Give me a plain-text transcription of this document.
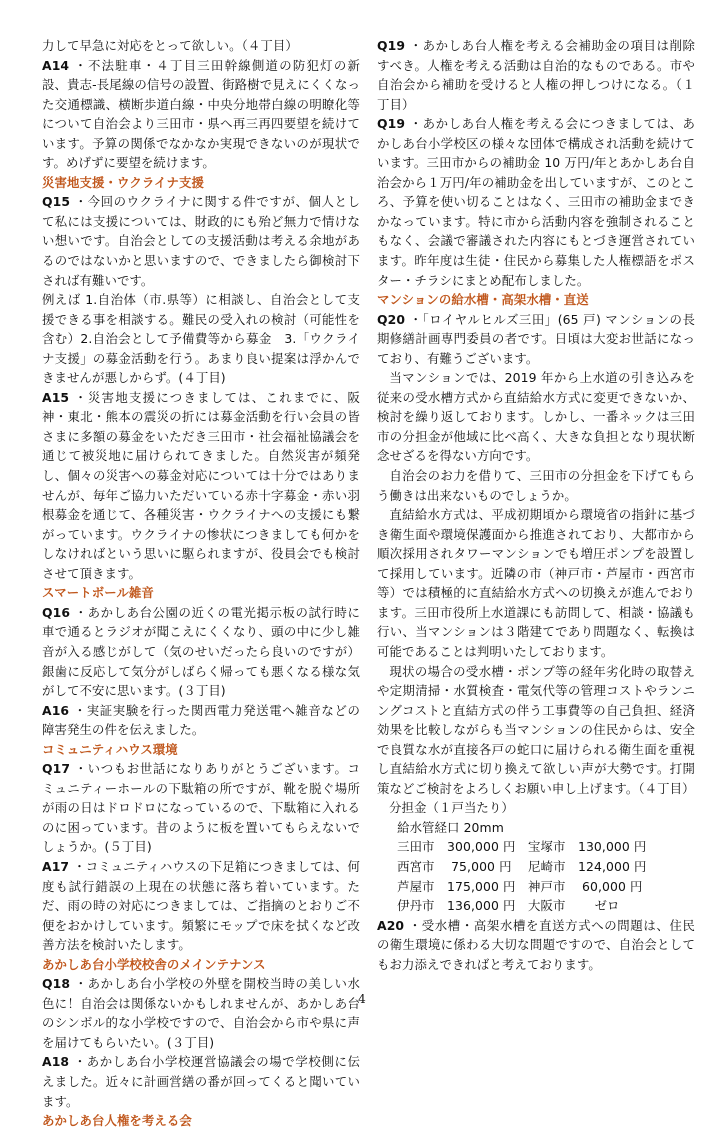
力して早急に対応をとって欲しい。（４丁目）

A14 ・不法駐車・４丁目三田幹線側道の防犯灯の新設、貴志-長尾線の信号の設置、街路樹で見えにくくなった交通標識、横断歩道白線・中央分地帯白線の明瞭化等について自治会より三田市・県へ再三再四要望を続けています。予算の関係でなかなか実現できないのが現状です。めげずに要望を続けます。

災害地支援・ウクライナ支援

Q15 ・今回のウクライナに関する件ですが、個人として私には支援については、財政的にも殆ど無力で情けない想いです。自治会としての支援活動は考える余地があるのではないかと思いますので、できましたら御検討下されば有難いです。

例えば 1.自治体（市.県等）に相談し、自治会として支援できる事を相談する。難民の受入れの検討（可能性を含む）2.自治会として予備費等から募金　3.「ウクライナ支援」の募金活動を行う。あまり良い提案は浮かんできませんが悪しからず。(４丁目)

A15 ・災害地支援につきましては、これまでに、阪神・東北・熊本の震災の折には募金活動を行い会員の皆さまに多額の募金をいただき三田市・社会福祉協議会を通じて被災地に届けられてきました。自然災害が頻発し、個々の災害への募金対応については十分ではありませんが、毎年ご協力いただいている赤十字募金・赤い羽根募金を通じて、各種災害・ウクライナへの支援にも繋がっています。ウクライナの惨状につきましても何かをしなければという思いに駆られますが、役員会でも検討させて頂きます。

スマートボール雑音

Q16 ・あかしあ台公園の近くの電光掲示板の試行時に車で通るとラジオが聞こえにくくなり、頭の中に少し雑音が入る感じがして（気のせいだったら良いのですが）銀歯に反応して気分がしばらく帰っても悪くなる様な気がして不安に思います。(３丁目)

A16 ・実証実験を行った関西電力発送電へ雑音などの障害発生の件を伝えました。

コミュニティハウス環境

Q17 ・いつもお世話になりありがとうございます。コミュニティーホールの下駄箱の所ですが、靴を脱ぐ場所が雨の日はドロドロになっているので、下駄箱に入れるのに困っています。昔のように板を置いてもらえないでしょうか。(５丁目)

A17 ・コミュニティハウスの下足箱につきましては、何度も試行錯誤の上現在の状態に落ち着いています。ただ、雨の時の対応につきましては、ご指摘のとおりご不便をおかけしています。頻繁にモップで床を拭くなど改善方法を検討いたします。

あかしあ台小学校校舎のメインテナンス

Q18 ・あかしあ台小学校の外壁を開校当時の美しい水色に！自治会は関係ないかもしれませんが、あかしあ台のシンボル的な小学校ですので、自治会から市や県に声を届けてもらいたい。(３丁目)

A18 ・あかしあ台小学校運営協議会の場で学校側に伝えました。近々に計画営繕の番が回ってくると聞いています。

あかしあ台人権を考える会

Q19 ・あかしあ台人権を考える会補助金の項目は削除すべき。人権を考える活動は自治的なものである。市や自治会から補助を受けると人権の押しつけになる。（１丁目）

Q19 ・あかしあ台人権を考える会につきましては、あかしあ台小学校区の様々な団体で構成され活動を続けています。三田市からの補助金 10 万円/年とあかしあ台自治会から１万円/年の補助金を出していますが、このところ、予算を使い切ることはなく、三田市の補助金まできかなっています。特に市から活動内容を強制されることもなく、会議で審議された内容にもとづき運営されています。昨年度は生徒・住民から募集した人権標語をポスター・チラシにまとめ配布しました。

マンションの給水槽・高架水槽・直送

Q20 ・「ロイヤルヒルズ三田」(65 戸) マンションの長期修繕計画専門委員の者です。日頃は大変お世話になっており、有難うございます。

当マンションでは、2019 年から上水道の引き込みを従来の受水槽方式から直結給水方式に変更できないか、検討を繰り返しております。しかし、一番ネックは三田市の分担金が他域に比べ高く、大きな負担となり現状断念せざるを得ない方向です。

自治会のお力を借りて、三田市の分担金を下げてもらう働きは出来ないものでしょうか。

直結給水方式は、平成初期頃から環境省の指針に基づき衛生面や環境保護面から推進されており、大都市から順次採用されタワーマンションでも増圧ポンプを設置して採用しています。近隣の市（神戸市・芦屋市・西宮市等）では積極的に直結給水方式への切換えが進んでおります。三田市役所上水道課にも訪問して、相談・協議も行い、当マンションは３階建てであり問題なく、転換は可能であることは判明いたしております。

現状の場合の受水槽・ポンプ等の経年劣化時の取替えや定期清掃・水質検査・電気代等の管理コストやランニングコストと直結方式の伴う工事費等の自己負担、経済効果を比較しながらも当マンションの住民からは、安全で良質な水が直接各戸の蛇口に届けられる衛生面を重視し直結給水方式に切り換えて欲しい声が大勢です。打開策などご検討をよろしくお願い申し上げます。（４丁目）

分担金（１戸当たり）

給水管経口 20mm

三田市　300,000 円　宝塚市　130,000 円

西宮市　 75,000 円　 尼崎市　124,000 円

芦屋市　175,000 円　神戸市　 60,000 円

伊丹市　136,000 円　大阪市　　 ゼロ

A20 ・受水槽・高架水槽を直送方式への問題は、住民の衛生環境に係わる大切な問題ですので、自治会としてもお力添えできればと考えております。

4
